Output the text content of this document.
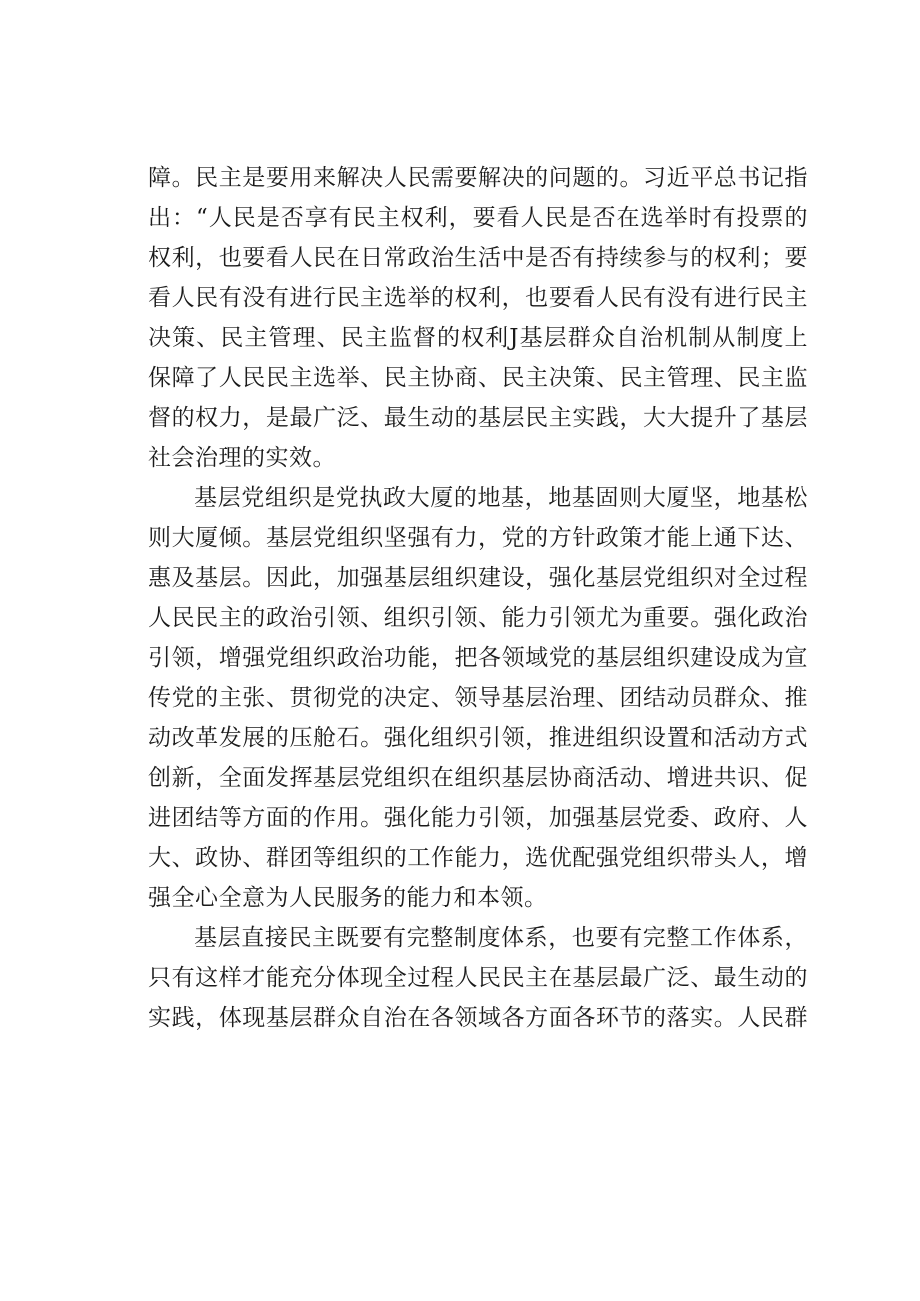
障。民主是要用来解决人民需要解决的问题的。习近平总书记指
出：“人民是否享有民主权利，要看人民是否在选举时有投票的
权利，也要看人民在日常政治生活中是否有持续参与的权利；要
看人民有没有进行民主选举的权利，也要看人民有没有进行民主
决策、民主管理、民主监督的权利J基层群众自治机制从制度上
保障了人民民主选举、民主协商、民主决策、民主管理、民主监
督的权力，是最广泛、最生动的基层民主实践，大大提升了基层
社会治理的实效。
基层党组织是党执政大厦的地基，地基固则大厦坚，地基松
则大厦倾。基层党组织坚强有力，党的方针政策才能上通下达、
惠及基层。因此，加强基层组织建设，强化基层党组织对全过程
人民民主的政治引领、组织引领、能力引领尤为重要。强化政治
引领，增强党组织政治功能，把各领域党的基层组织建设成为宣
传党的主张、贯彻党的决定、领导基层治理、团结动员群众、推
动改革发展的压舱石。强化组织引领，推进组织设置和活动方式
创新，全面发挥基层党组织在组织基层协商活动、增进共识、促
进团结等方面的作用。强化能力引领，加强基层党委、政府、人
大、政协、群团等组织的工作能力，选优配强党组织带头人，增
强全心全意为人民服务的能力和本领。
基层直接民主既要有完整制度体系，也要有完整工作体系，
只有这样才能充分体现全过程人民民主在基层最广泛、最生动的
实践，体现基层群众自治在各领域各方面各环节的落实。人民群
